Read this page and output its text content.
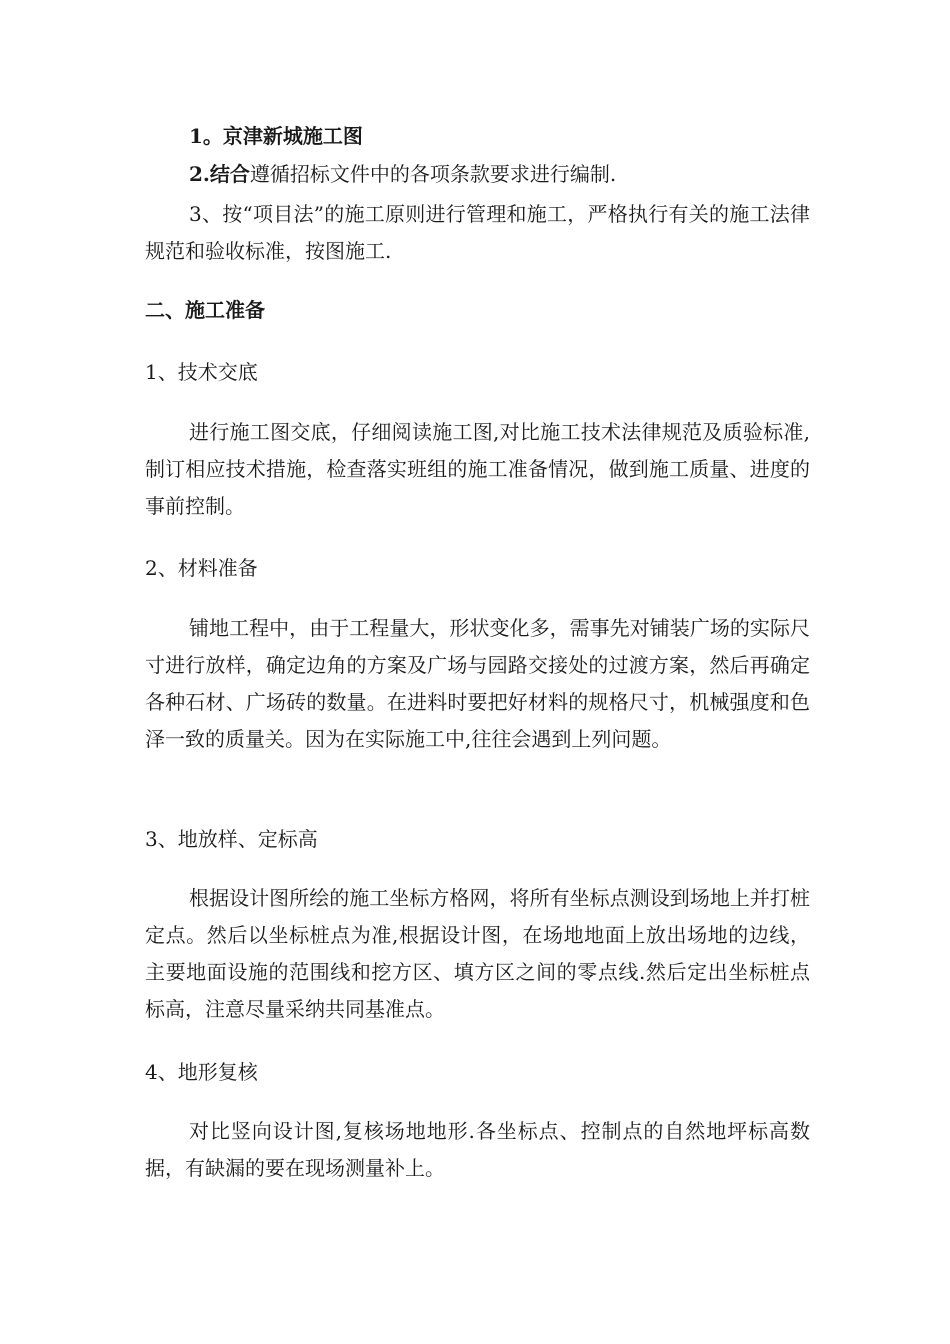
1。京津新城施工图
2.结合遵循招标文件中的各项条款要求进行编制.
3、按“项目法”的施工原则进行管理和施工，严格执行有关的施工法律规范和验收标准，按图施工.
二、施工准备
1、技术交底
进行施工图交底，仔细阅读施工图,对比施工技术法律规范及质验标准,制订相应技术措施，检查落实班组的施工准备情况，做到施工质量、进度的事前控制。
2、材料准备
铺地工程中，由于工程量大，形状变化多，需事先对铺装广场的实际尺寸进行放样，确定边角的方案及广场与园路交接处的过渡方案，然后再确定各种石材、广场砖的数量。在进料时要把好材料的规格尺寸，机械强度和色泽一致的质量关。因为在实际施工中,往往会遇到上列问题。
3、地放样、定标高
根据设计图所绘的施工坐标方格网，将所有坐标点测设到场地上并打桩定点。然后以坐标桩点为准,根据设计图，在场地地面上放出场地的边线，主要地面设施的范围线和挖方区、填方区之间的零点线.然后定出坐标桩点标高，注意尽量采纳共同基准点。
4、地形复核
对比竖向设计图,复核场地地形.各坐标点、控制点的自然地坪标高数据，有缺漏的要在现场测量补上。
